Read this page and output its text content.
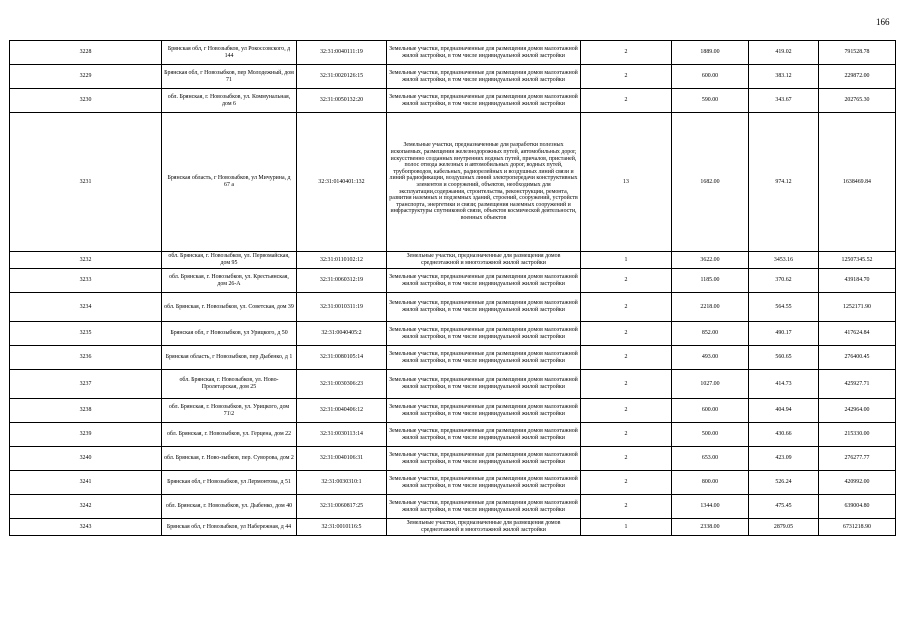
166
3228	Брянская обл, г Новозыбков, ул Рокоссовского, д 144	32:31:0040111:19	Земельные участки, предназначенные для размещения домов малоэтажной жилой застройки, в том числе индивидуальной жилой застройки	2	1889.00	419.02	791528.78
3229	Брянская обл, г Новозыбков, пер Молодежный, дом 71	32:31:0020126:15	Земельные участки, предназначенные для размещения домов малоэтажной жилой застройки, в том числе индивидуальной жилой застройки	2	600.00	383.12	229872.00
3230	обл. Брянская, г. Новозыбков, ул. Коммунальная, дом 6	32:31:0050132:20	Земельные участки, предназначенные для размещения домов малоэтажной жилой застройки, в том числе индивидуальной жилой застройки	2	590.00	343.67	202765.30
3231	Брянская область, г Новозыбков, ул Мичурина, д 67 а	32:31:0140401:132	Земельные участки, предназначенные для разработки полезных ископаемых, размещения железнодорожных путей, автомобильных дорог, искусственно созданных внутренних водных путей, причалов, пристаней, полос отвода железных и автомобильных дорог, водных путей, трубопроводов, кабельных, радиорелейных и воздушных линий связи и линий радиофикации, воздушных линий электропередачи конструктивных элементов и сооружений, объектов, необходимых для эксплуатации,содержания, строительства, реконструкции, ремонта, развития наземных и подземных зданий, строений, сооружений, устройств транспорта, энергетики и связи; размещения наземных сооружений и инфраструктуры спутниковой связи, объектов космической деятельности, военных объектов	13	1682.00	974.12	1638469.84
3232	обл. Брянская, г. Новозыбков, ул. Первомайская, дом 95	32:31:0110102:12	Земельные участки, предназначенные для размещения домов среднеэтажной и многоэтажной жилой застройки	1	3622.00	3453.16	12507345.52
3233	обл. Брянская, г. Новозыбков, ул. Крестьянская, дом 26-А	32:31:0060312:19	Земельные участки, предназначенные для размещения домов малоэтажной жилой застройки, в том числе индивидуальной жилой застройки	2	1185.00	370.62	439184.70
3234	обл. Брянская, г. Новозыбков, ул. Советская, дом 39	32:31:0010311:19	Земельные участки, предназначенные для размещения домов малоэтажной жилой застройки, в том числе индивидуальной жилой застройки	2	2218.00	564.55	1252171.90
3235	Брянская обл, г Новозыбков, ул Урицкого, д 50	32:31:0040405:2	Земельные участки, предназначенные для размещения домов малоэтажной жилой застройки, в том числе индивидуальной жилой застройки	2	852.00	490.17	417624.84
3236	Брянская область, г Новозыбков, пер Дыбенко, д 1	32:31:0080105:14	Земельные участки, предназначенные для размещения домов малоэтажной жилой застройки, в том числе индивидуальной жилой застройки	2	493.00	560.65	276400.45
3237	обл. Брянская, г. Новозыбков, ул. Ново-Пролетарская, дом 25	32:31:0030306:23	Земельные участки, предназначенные для размещения домов малоэтажной жилой застройки, в том числе индивидуальной жилой застройки	2	1027.00	414.73	425927.71
3238	обл. Брянская, г. Новозыбков, ул. Урицкого, дом 71\2	32:31:0040406:12	Земельные участки, предназначенные для размещения домов малоэтажной жилой застройки, в том числе индивидуальной жилой застройки	2	600.00	404.94	242964.00
3239	обл. Брянская, г. Новозыбков, ул. Герцена, дом 22	32:31:0030113:14	Земельные участки, предназначенные для размещения домов малоэтажной жилой застройки, в том числе индивидуальной жилой застройки	2	500.00	430.66	215330.00
3240	обл. Брянская, г. Ново-зыбков, пер. Суворова, дом 2	32:31:0040106:31	Земельные участки, предназначенные для размещения домов малоэтажной жилой застройки, в том числе индивидуальной жилой застройки	2	653.00	423.09	276277.77
3241	Брянская обл, г Новозыбков, ул Лермонтова, д 51	32:31:0030310:1	Земельные участки, предназначенные для размещения домов малоэтажной жилой застройки, в том числе индивидуальной жилой застройки	2	800.00	526.24	420992.00
3242	обл. Брянская, г. Новозыбков, ул. Дыбенко, дом 40	32:31:0060817:25	Земельные участки, предназначенные для размещения домов малоэтажной жилой застройки, в том числе индивидуальной жилой застройки	2	1344.00	475.45	639004.80
3243	Брянская обл, г Новозыбков, ул Набережная, д 44	32:31:0010116:5	Земельные участки, предназначенные для размещения домов среднеэтажной и многоэтажной жилой застройки	1	2338.00	2879.05	6731218.90
